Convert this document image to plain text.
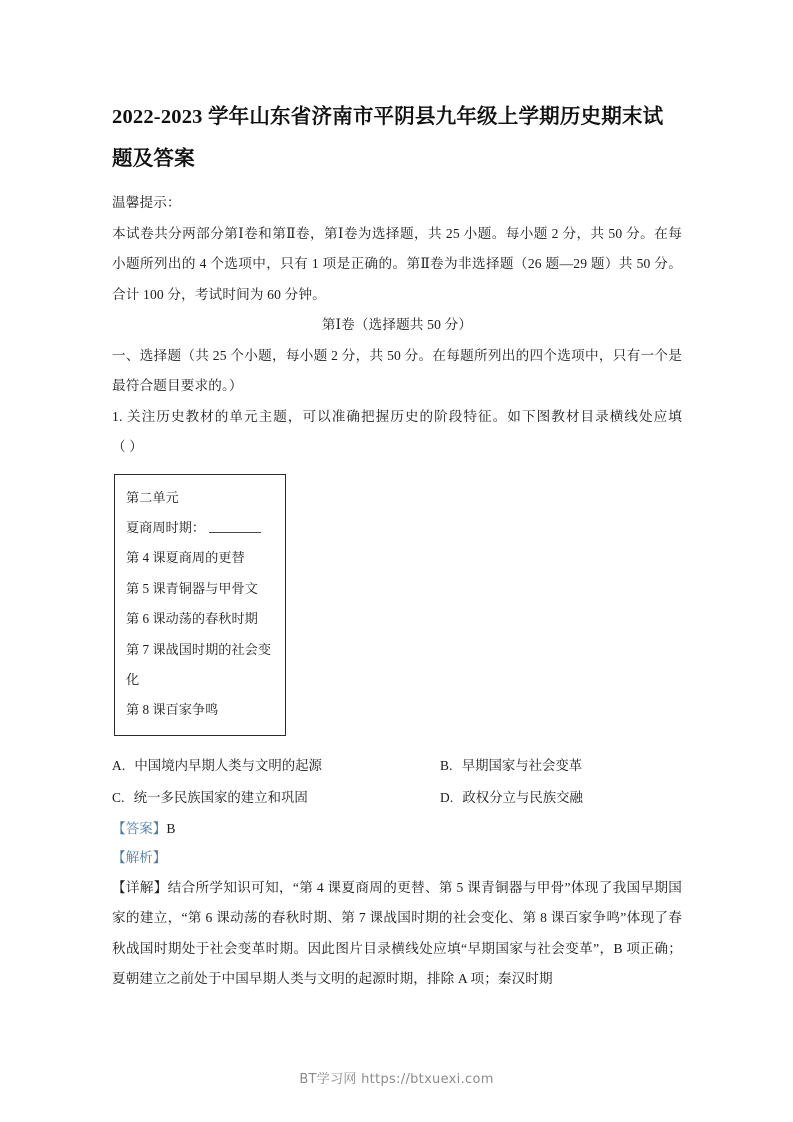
2022-2023 学年山东省济南市平阴县九年级上学期历史期末试题及答案

温馨提示：

本试卷共分两部分第Ⅰ卷和第Ⅱ卷，第Ⅰ卷为选择题，共 25 小题。每小题 2 分，共 50 分。在每小题所列出的 4 个选项中，只有 1 项是正确的。第Ⅱ卷为非选择题（26 题—29 题）共 50 分。合计 100 分，考试时间为 60 分钟。

第Ⅰ卷（选择题共 50 分）

一、选择题（共 25 个小题，每小题 2 分，共 50 分。在每题所列出的四个选项中，只有一个是最符合题目要求的。）

1. 关注历史教材的单元主题，可以准确把握历史的阶段特征。如下图教材目录横线处应填 （ ）

第二单元
夏商周时期：
第 4 课夏商周的更替
第 5 课青铜器与甲骨文
第 6 课动荡的春秋时期
第 7 课战国时期的社会变化
第 8 课百家争鸣
A. 中国境内早期人类与文明的起源	B. 早期国家与社会变革
C. 统一多民族国家的建立和巩固	D. 政权分立与民族交融

【答案】B

【解析】

【详解】结合所学知识可知，“第 4 课夏商周的更替、第 5 课青铜器与甲骨”体现了我国早期国家的建立，“第 6 课动荡的春秋时期、第 7 课战国时期的社会变化、第 8 课百家争鸣”体现了春秋战国时期处于社会变革时期。因此图片目录横线处应填“早期国家与社会变革”，B 项正确；夏朝建立之前处于中国早期人类与文明的起源时期，排除 A 项；秦汉时期

BT学习网 https://btxuexi.com
